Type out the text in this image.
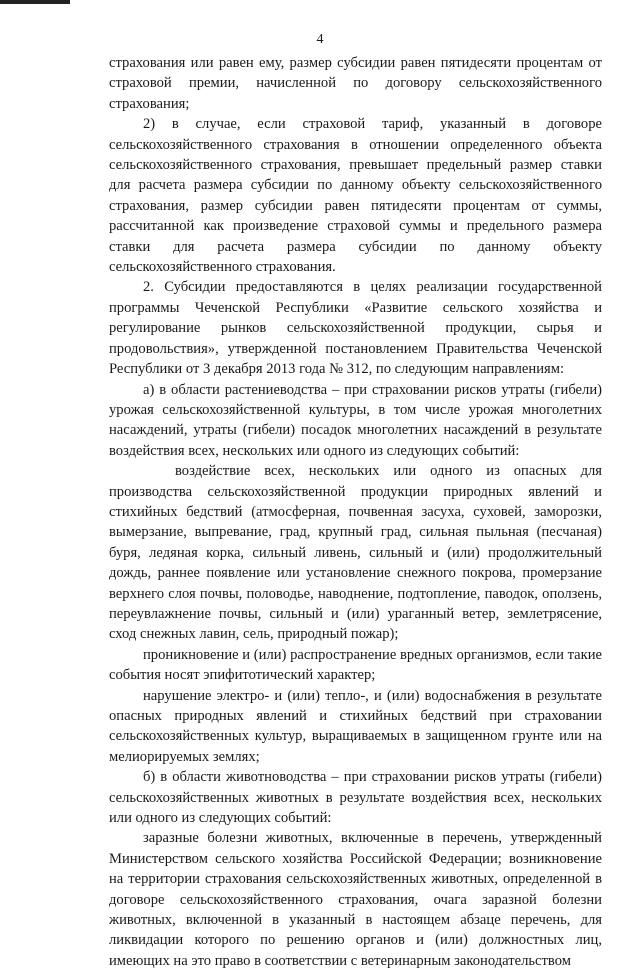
4

страхования или равен ему, размер субсидии равен пятидесяти процентам от страховой премии, начисленной по договору сельскохозяйственного страхования;

2) в случае, если страховой тариф, указанный в договоре сельскохозяйственного страхования в отношении определенного объекта сельскохозяйственного страхования, превышает предельный размер ставки для расчета размера субсидии по данному объекту сельскохозяйственного страхования, размер субсидии равен пятидесяти процентам от суммы, рассчитанной как произведение страховой суммы и предельного размера ставки для расчета размера субсидии по данному объекту сельскохозяйственного страхования.

2. Субсидии предоставляются в целях реализации государственной программы Чеченской Республики «Развитие сельского хозяйства и регулирование рынков сельскохозяйственной продукции, сырья и продовольствия», утвержденной постановлением Правительства Чеченской Республики от 3 декабря 2013 года № 312, по следующим направлениям:

а) в области растениеводства – при страховании рисков утраты (гибели) урожая сельскохозяйственной культуры, в том числе урожая многолетних насаждений, утраты (гибели) посадок многолетних насаждений в результате воздействия всех, нескольких или одного из следующих событий:

воздействие всех, нескольких или одного из опасных для производства сельскохозяйственной продукции природных явлений и стихийных бедствий (атмосферная, почвенная засуха, суховей, заморозки, вымерзание, выпревание, град, крупный град, сильная пыльная (песчаная) буря, ледяная корка, сильный ливень, сильный и (или) продолжительный дождь, раннее появление или установление снежного покрова, промерзание верхнего слоя почвы, половодье, наводнение, подтопление, паводок, оползень, переувлажнение почвы, сильный и (или) ураганный ветер, землетрясение, сход снежных лавин, сель, природный пожар);

проникновение и (или) распространение вредных организмов, если такие события носят эпифитотический характер;

нарушение электро- и (или) тепло-, и (или) водоснабжения в результате опасных природных явлений и стихийных бедствий при страховании сельскохозяйственных культур, выращиваемых в защищенном грунте или на мелиорируемых землях;

б) в области животноводства – при страховании рисков утраты (гибели) сельскохозяйственных животных в результате воздействия всех, нескольких или одного из следующих событий:

заразные болезни животных, включенные в перечень, утвержденный Министерством сельского хозяйства Российской Федерации; возникновение на территории страхования сельскохозяйственных животных, определенной в договоре сельскохозяйственного страхования, очага заразной болезни животных, включенной в указанный в настоящем абзаце перечень, для ликвидации которого по решению органов и (или) должностных лиц, имеющих на это право в соответствии с ветеринарным законодательством
